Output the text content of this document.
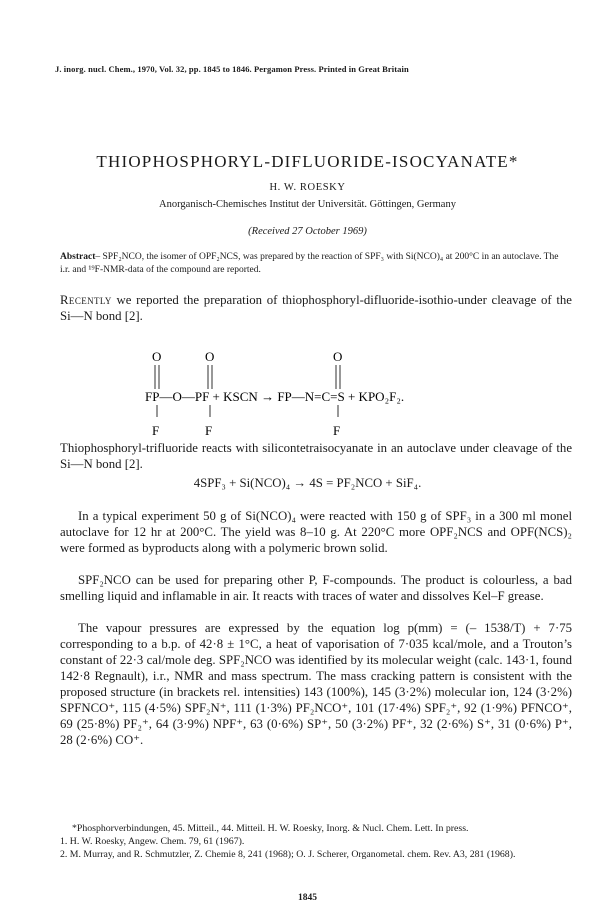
J. inorg. nucl. Chem., 1970, Vol. 32, pp. 1845 to 1846. Pergamon Press. Printed in Great Britain
THIOPHOSPHORYL-DIFLUORIDE-ISOCYANATE*
H. W. ROESKY
Anorganisch-Chemisches Institut der Universität. Göttingen, Germany
(Received 27 October 1969)
Abstract– SPF₂NCO, the isomer of OPF₂NCS, was prepared by the reaction of SPF₃ with Si(NCO)₄ at 200°C in an autoclave. The i.r. and ¹⁹F-NMR-data of the compound are reported.
Recently we reported the preparation of thiophosphoryl-difluoride-isothio-under cleavage of the Si—N bond [2].
O	O	O
FP—O—PF + KSCN → FP—N=C=S + KPO₂F₂.
F	F	F
Thiophosphoryl-trifluoride reacts with silicontetraisocyanate in an autoclave under cleavage of the Si—N bond [2].
4SPF₃ + Si(NCO)₄ → 4S = PF₂NCO + SiF₄.
In a typical experiment 50 g of Si(NCO)₄ were reacted with 150 g of SPF₃ in a 300 ml monel autoclave for 12 hr at 200°C. The yield was 8–10 g. At 220°C more OPF₂NCS and OPF(NCS)₂ were formed as byproducts along with a polymeric brown solid.
SPF₂NCO can be used for preparing other P, F-compounds. The product is colourless, a bad smelling liquid and inflamable in air. It reacts with traces of water and dissolves Kel–F grease.
The vapour pressures are expressed by the equation log p(mm) = (– 1538/T) + 7·75 corresponding to a b.p. of 42·8 ± 1°C, a heat of vaporisation of 7·035 kcal/mole, and a Trouton’s constant of 22·3 cal/mole deg. SPF₂NCO was identified by its molecular weight (calc. 143·1, found 142·8 Regnault), i.r., NMR and mass spectrum. The mass cracking pattern is consistent with the proposed structure (in brackets rel. intensities) 143 (100%), 145 (3·2%) molecular ion, 124 (3·2%) SPFNCO⁺, 115 (4·5%) SPF₂N⁺, 111 (1·3%) PF₂NCO⁺, 101 (17·4%) SPF₂⁺, 92 (1·9%) PFNCO⁺, 69 (25·8%) PF₂⁺, 64 (3·9%) NPF⁺, 63 (0·6%) SP⁺, 50 (3·2%) PF⁺, 32 (2·6%) S⁺, 31 (0·6%) P⁺, 28 (2·6%) CO⁺.

*Phosphorverbindungen, 45. Mitteil., 44. Mitteil. H. W. Roesky, Inorg. & Nucl. Chem. Lett. In press.

1. H. W. Roesky, Angew. Chem. 79, 61 (1967).

2. M. Murray, and R. Schmutzler, Z. Chemie 8, 241 (1968); O. J. Scherer, Organometal. chem. Rev. A3, 281 (1968).

1845
